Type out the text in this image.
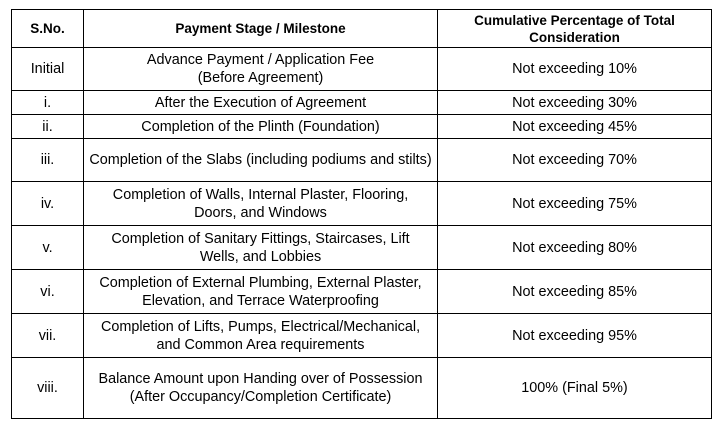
S.No.	Payment Stage / Milestone	Cumulative Percentage of Total Consideration
Initial	Advance Payment / Application Fee (Before Agreement)	Not exceeding 10%
i.	After the Execution of Agreement	Not exceeding 30%
ii.	Completion of the Plinth (Foundation)	Not exceeding 45%
iii.	Completion of the Slabs (including podiums and stilts)	Not exceeding 70%
iv.	Completion of Walls, Internal Plaster, Flooring, Doors, and Windows	Not exceeding 75%
v.	Completion of Sanitary Fittings, Staircases, Lift Wells, and Lobbies	Not exceeding 80%
vi.	Completion of External Plumbing, External Plaster, Elevation, and Terrace Waterproofing	Not exceeding 85%
vii.	Completion of Lifts, Pumps, Electrical/Mechanical, and Common Area requirements	Not exceeding 95%
viii.	Balance Amount upon Handing over of Possession (After Occupancy/Completion Certificate)	100% (Final 5%)
